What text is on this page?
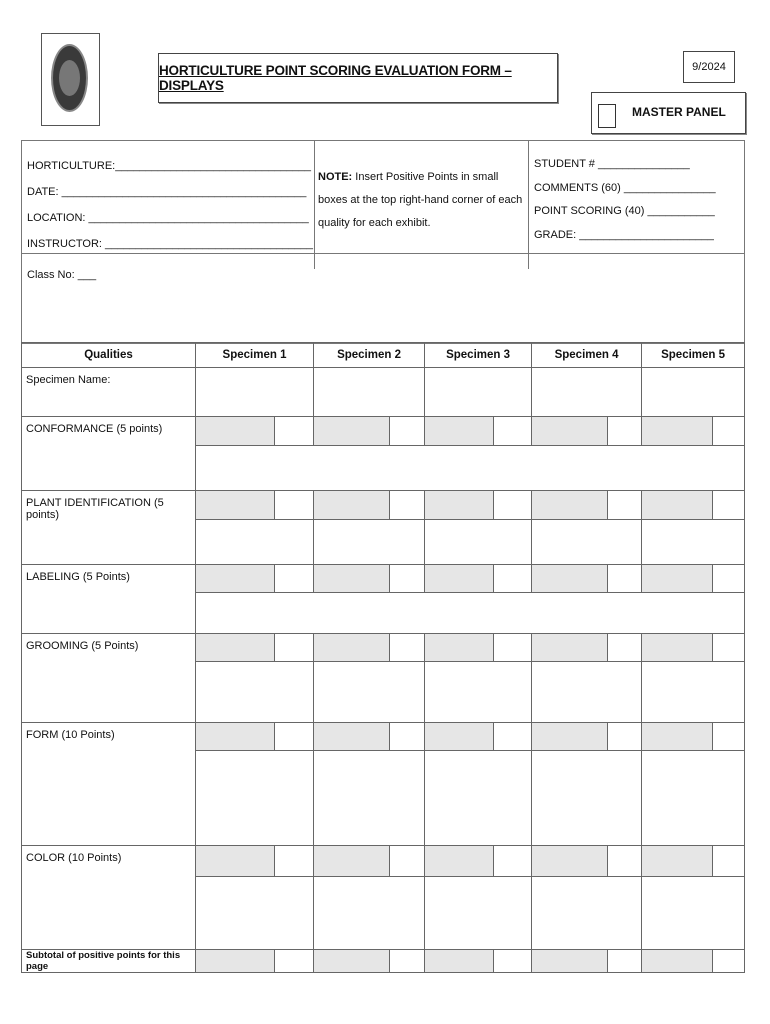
HORTICULTURE POINT SCORING EVALUATION FORM – DISPLAYS
9/2024
MASTER PANEL
HORTICULTURE:________________________________
DATE: ________________________________________
LOCATION: ____________________________________
INSTRUCTOR: __________________________________
NOTE: Insert Positive Points in small boxes at the top right-hand corner of each quality for each exhibit.
STUDENT # _______________
COMMENTS (60) _______________
POINT SCORING (40) ___________
GRADE: ______________________
Class No: ___
Qualities	Specimen 1		Specimen 2		Specimen 3		Specimen 4		Specimen 5	
Specimen Name:										
CONFORMANCE (5 points)										

PLANT IDENTIFICATION (5 points)										

LABELING (5 Points)										

GROOMING (5 Points)										

FORM (10 Points)										

COLOR (10 Points)										

Subtotal of positive points for this page										
